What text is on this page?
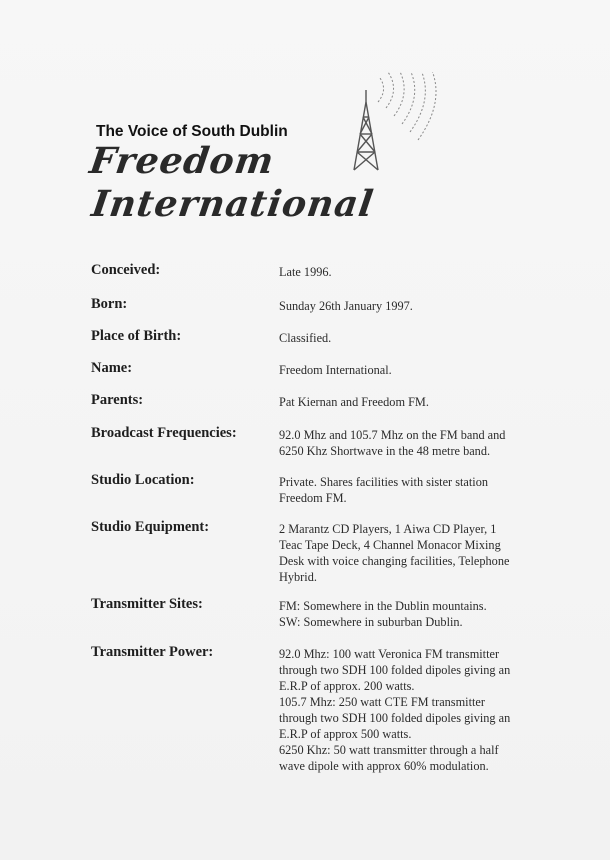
The Voice of South Dublin
Freedom
International
Conceived:	Late 1996.
Born:	Sunday 26th January 1997.
Place of Birth:	Classified.
Name:	Freedom International.
Parents:	Pat Kiernan and Freedom FM.
Broadcast Frequencies:	92.0 Mhz and 105.7 Mhz on the FM band and
6250 Khz Shortwave in the 48 metre band.
Studio Location:	Private. Shares facilities with sister station
Freedom FM.
Studio Equipment:	2 Marantz CD Players, 1 Aiwa CD Player, 1
Teac Tape Deck, 4 Channel Monacor Mixing
Desk with voice changing facilities, Telephone
Hybrid.
Transmitter Sites:	FM: Somewhere in the Dublin mountains.
SW: Somewhere in suburban Dublin.
Transmitter Power:	92.0 Mhz: 100 watt Veronica FM transmitter
through two SDH 100 folded dipoles giving an
E.R.P of approx. 200 watts.
105.7 Mhz: 250 watt CTE FM transmitter
through two SDH 100 folded dipoles giving an
E.R.P of approx 500 watts.
6250 Khz: 50 watt transmitter through a half
wave dipole with approx 60% modulation.
